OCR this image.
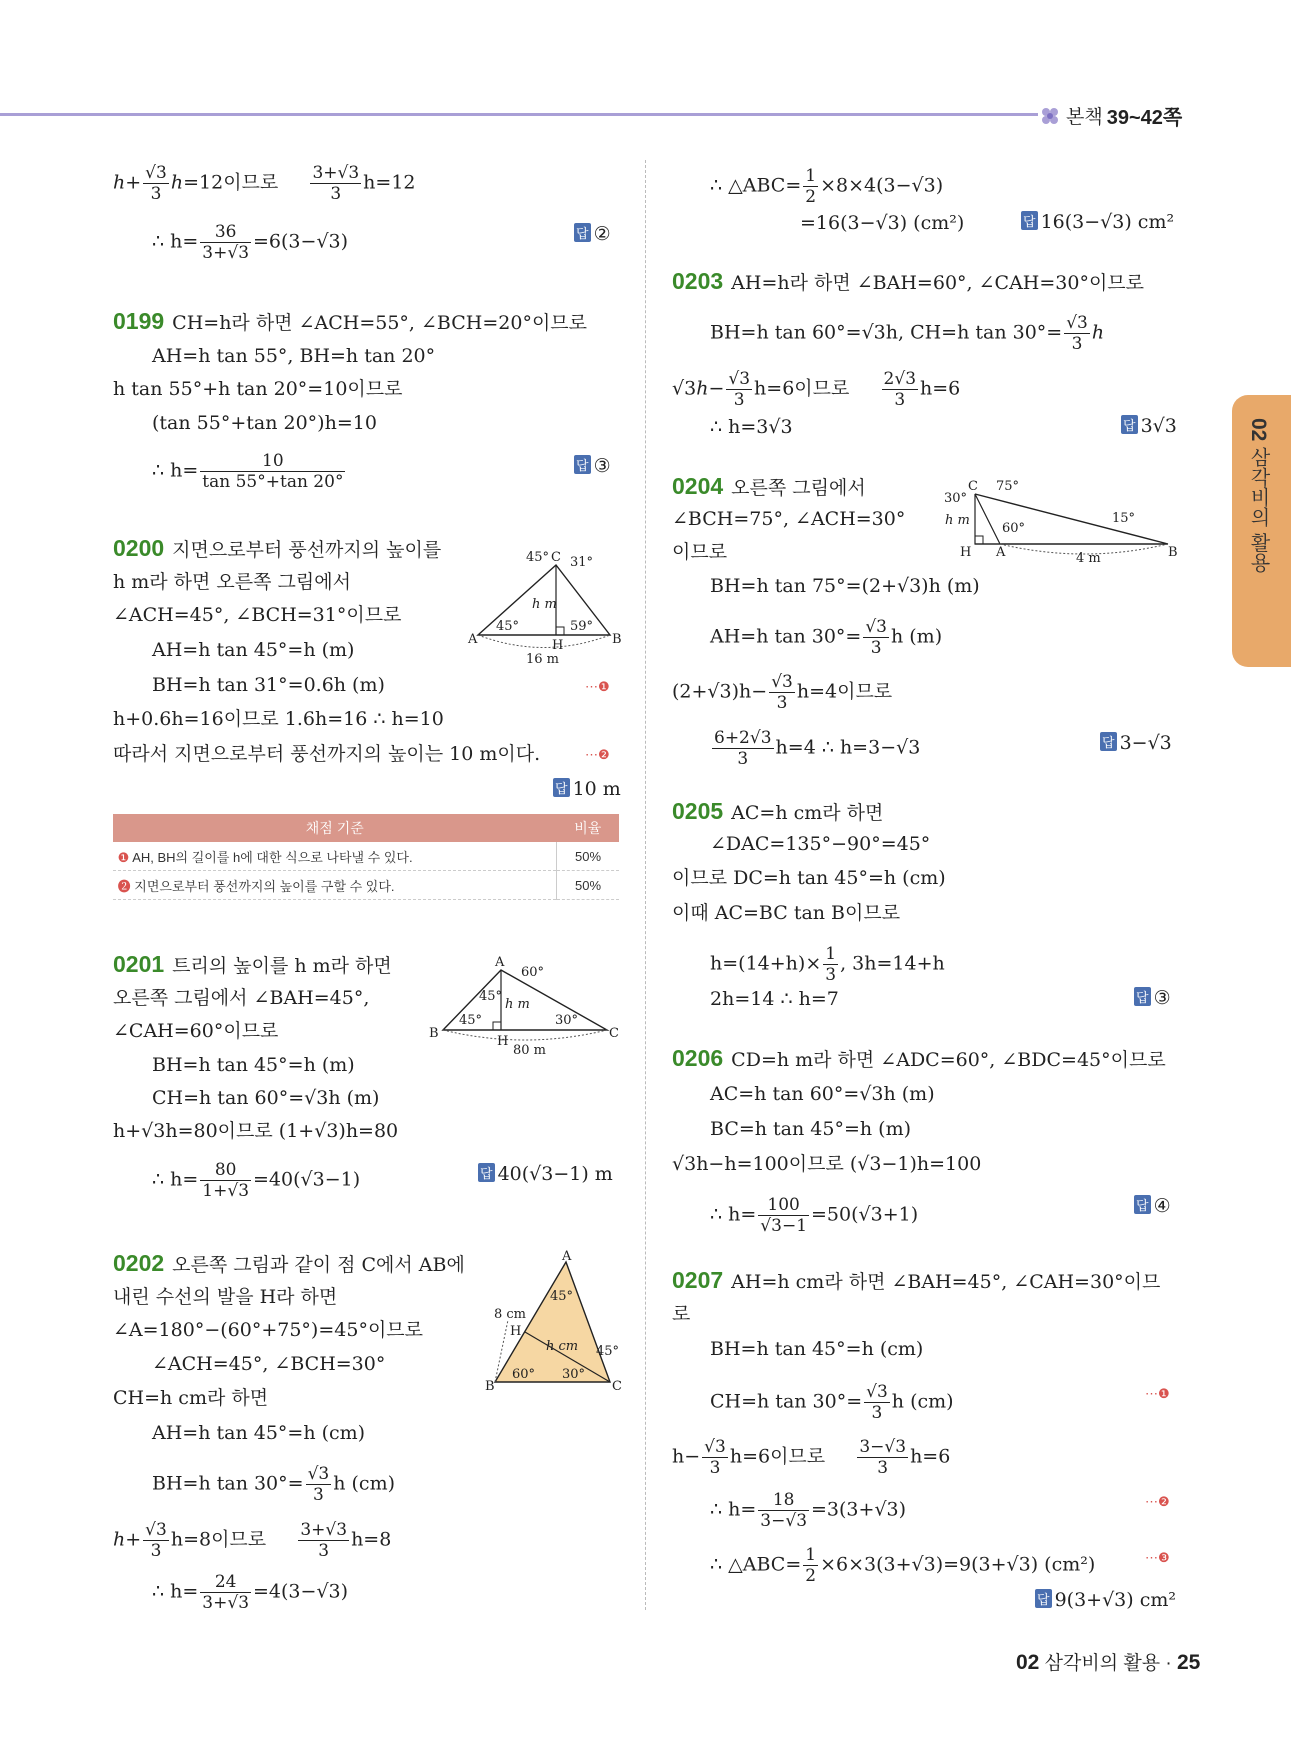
본책 39~42쪽
02 삼각비의 활용
$h+ \frac{√3}{3} h=12$이므로 $\frac{3+√3}{3} h=12$
∴ $h= \frac{36}{3+√3} =6(3-√3)$	답 ②
0199 CH=h라 하면 ∠ACH=55°, ∠BCH=20°이므로
AH=h tan 55°, BH=h tan 20°
h tan 55°+h tan 20°=10이므로
(tan 55°+tan 20°)h=10
∴ $h= \frac{10}{\tan 55^\circ+\tan 20^\circ}$	답 ③
0200 지면으로부터 풍선까지의 높이를
h m라 하면 오른쪽 그림에서
∠ACH=45°, ∠BCH=31°이므로
AH=h tan 45°=h (m)
BH=h tan 31°=0.6h (m)	⋯❶
h+0.6h=16이므로 1.6h=16 ∴ h=10
따라서 지면으로부터 풍선까지의 높이는 10 m이다.	⋯❷
답 10 m
C
A	B
H
45° 31°
45°	59°
h m
16 m
채점 기준	비율
❶ AH, BH의 길이를 h에 대한 식으로 나타낼 수 있다.	50%
❷ 지면으로부터 풍선까지의 높이를 구할 수 있다.	50%
0201 트리의 높이를 h m라 하면
오른쪽 그림에서 ∠BAH=45°,
∠CAH=60°이므로
BH=h tan 45°=h (m)
CH=h tan 60°=√3h (m)
h+√3h=80이므로 (1+√3)h=80
∴ $h= \frac{80}{1+√3} =40(√3-1)$	답 40(√3−1) m
A
B	C
H
60°
45°
45°	30°
h m
80 m
0202 오른쪽 그림과 같이 점 C에서 AB에
내린 수선의 발을 H라 하면
∠A=180°−(60°+75°)=45°이므로
∠ACH=45°, ∠BCH=30°
CH=h cm라 하면
AH=h tan 45°=h (cm)
BH=h $\tan 30^\circ= \frac{√3}{3}$ h (cm)
$h+ \frac{√3}{3} h=8$이므로 $\frac{3+√3}{3} h=8$
∴ $h= \frac{24}{3+√3} =4(3-√3)$
A
B	C
H
45°
45°
60° 30°
h cm
8 cm
∴ △ABC= $\frac{1}{2} \times 8\times 4(3-√3)$
=16(3−√3) (cm²)	답 16(3−√3) cm²
0203 AH=h라 하면 ∠BAH=60°, ∠CAH=30°이므로
BH=h tan 60°=√3h, CH=h $\tan 30^\circ= \frac{√3}{3}$ h
$√3h- \frac{√3}{3} h=6$이므로 $\frac{2√3}{3} h=6$
∴ h=3√3	답 3√3
0204 오른쪽 그림에서
∠BCH=75°, ∠ACH=30°
이므로
BH=h tan 75°=(2+√3)h (m)
AH=h $\tan 30^\circ= \frac{√3}{3}$ h (m)
$(2+√3)h- \frac{√3}{3} h=4$이므로
$\frac{6+2√3}{3} h=4$ ∴ h=3−√3	답 3−√3
C
H A	B
30°
75°
60°
15°
h m
4 m
0205 AC=h cm라 하면
∠DAC=135°−90°=45°
이므로 DC=h tan 45°=h (cm)
이때 AC=BC tan B이므로
$h=(14+h)\times \frac{1}{3}$ , 3h=14+h
2h=14 ∴ h=7	답 ③
0206 CD=h m라 하면 ∠ADC=60°, ∠BDC=45°이므로
AC=h tan 60°=√3h (m)
BC=h tan 45°=h (m)
√3h−h=100이므로 (√3−1)h=100
∴ $h= \frac{100}{√3-1} =50(√3+1)$	답 ④
0207 AH=h cm라 하면 ∠BAH=45°, ∠CAH=30°이므
로
BH=h tan 45°=h (cm)
CH=h $\tan 30^\circ= \frac{√3}{3}$ h (cm)	⋯❶
$h- \frac{√3}{3} h=6$이므로 $\frac{3-√3}{3} h=6$
∴ $h= \frac{18}{3-√3} =3(3+√3)$	⋯❷
∴ △ABC= $\frac{1}{2} \times 6\times 3(3+√3)=9(3+√3)$ (cm²)	⋯❸
답 9(3+√3) cm²
02 삼각비의 활용 · 25
